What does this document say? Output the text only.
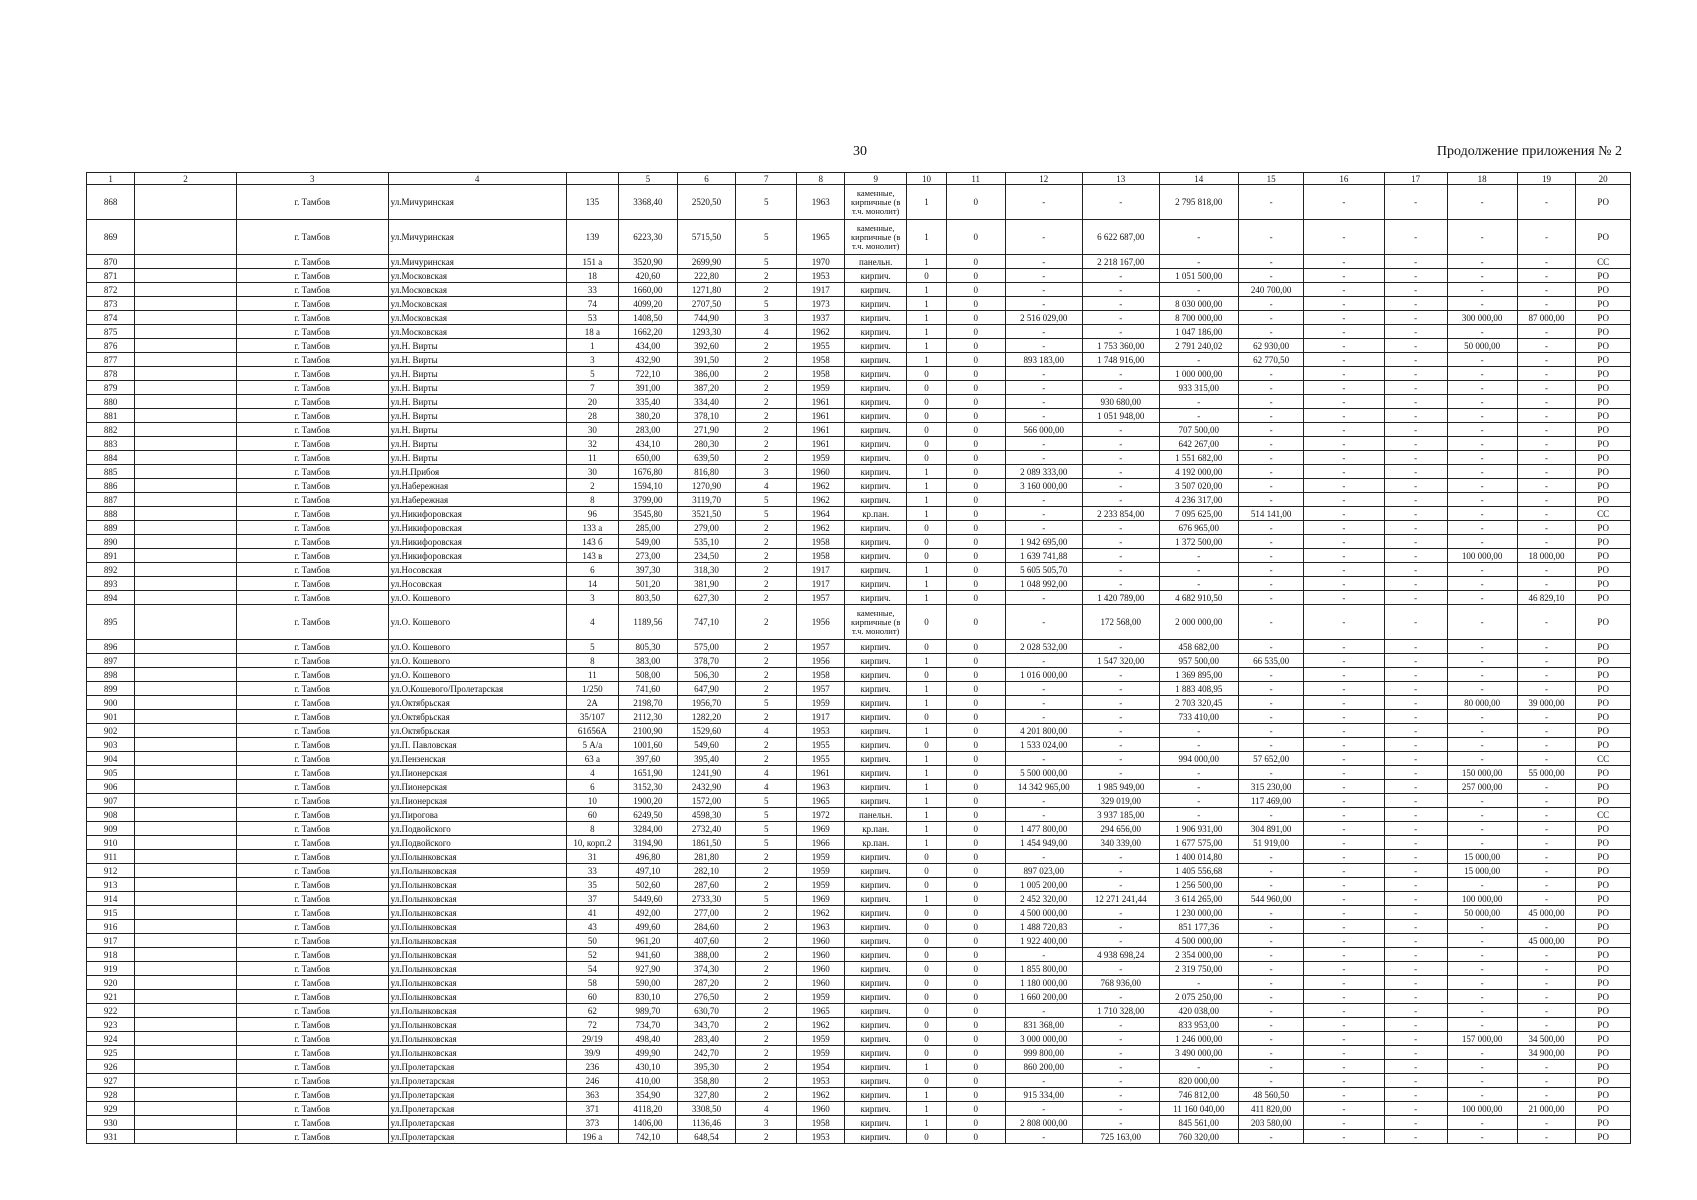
30	Продолжение приложения № 2
1	2	3	4		5	6	7	8	9	10	11	12	13	14	15	16	17	18	19	20
868		г. Тамбов	ул.Мичуринская	135	3368,40	2520,50	5	1963	каменные, кирпичные (в т.ч. монолит)	1	0	-	-	2 795 818,00	-	-	-	-	-	РО
869		г. Тамбов	ул.Мичуринская	139	6223,30	5715,50	5	1965	каменные, кирпичные (в т.ч. монолит)	1	0	-	6 622 687,00	-	-	-	-	-	-	РО
870		г. Тамбов	ул.Мичуринская	151 а	3520,90	2699,90	5	1970	панельн.	1	0	-	2 218 167,00	-	-	-	-	-	-	СС
871		г. Тамбов	ул.Московская	18	420,60	222,80	2	1953	кирпич.	0	0	-	-	1 051 500,00	-	-	-	-	-	РО
872		г. Тамбов	ул.Московская	33	1660,00	1271,80	2	1917	кирпич.	1	0	-	-	-	240 700,00	-	-	-	-	РО
873		г. Тамбов	ул.Московская	74	4099,20	2707,50	5	1973	кирпич.	1	0	-	-	8 030 000,00	-	-	-	-	-	РО
874		г. Тамбов	ул.Московская	53	1408,50	744,90	3	1937	кирпич.	1	0	2 516 029,00	-	8 700 000,00	-	-	-	300 000,00	87 000,00	РО
875		г. Тамбов	ул.Московская	18 а	1662,20	1293,30	4	1962	кирпич.	1	0	-	-	1 047 186,00	-	-	-	-	-	РО
876		г. Тамбов	ул.Н. Вирты	1	434,00	392,60	2	1955	кирпич.	1	0	-	1 753 360,00	2 791 240,02	62 930,00	-	-	50 000,00	-	РО
877		г. Тамбов	ул.Н. Вирты	3	432,90	391,50	2	1958	кирпич.	1	0	893 183,00	1 748 916,00	-	62 770,50	-	-	-	-	РО
878		г. Тамбов	ул.Н. Вирты	5	722,10	386,00	2	1958	кирпич.	0	0	-	-	1 000 000,00	-	-	-	-	-	РО
879		г. Тамбов	ул.Н. Вирты	7	391,00	387,20	2	1959	кирпич.	0	0	-	-	933 315,00	-	-	-	-	-	РО
880		г. Тамбов	ул.Н. Вирты	20	335,40	334,40	2	1961	кирпич.	0	0	-	930 680,00	-	-	-	-	-	-	РО
881		г. Тамбов	ул.Н. Вирты	28	380,20	378,10	2	1961	кирпич.	0	0	-	1 051 948,00	-	-	-	-	-	-	РО
882		г. Тамбов	ул.Н. Вирты	30	283,00	271,90	2	1961	кирпич.	0	0	566 000,00	-	707 500,00	-	-	-	-	-	РО
883		г. Тамбов	ул.Н. Вирты	32	434,10	280,30	2	1961	кирпич.	0	0	-	-	642 267,00	-	-	-	-	-	РО
884		г. Тамбов	ул.Н. Вирты	11	650,00	639,50	2	1959	кирпич.	0	0	-	-	1 551 682,00	-	-	-	-	-	РО
885		г. Тамбов	ул.Н.Прибоя	30	1676,80	816,80	3	1960	кирпич.	1	0	2 089 333,00	-	4 192 000,00	-	-	-	-	-	РО
886		г. Тамбов	ул.Набережная	2	1594,10	1270,90	4	1962	кирпич.	1	0	3 160 000,00	-	3 507 020,00	-	-	-	-	-	РО
887		г. Тамбов	ул.Набережная	8	3799,00	3119,70	5	1962	кирпич.	1	0	-	-	4 236 317,00	-	-	-	-	-	РО
888		г. Тамбов	ул.Никифоровская	96	3545,80	3521,50	5	1964	кр.пан.	1	0	-	2 233 854,00	7 095 625,00	514 141,00	-	-	-	-	СС
889		г. Тамбов	ул.Никифоровская	133 а	285,00	279,00	2	1962	кирпич.	0	0	-	-	676 965,00	-	-	-	-	-	РО
890		г. Тамбов	ул.Никифоровская	143 б	549,00	535,10	2	1958	кирпич.	0	0	1 942 695,00	-	1 372 500,00	-	-	-	-	-	РО
891		г. Тамбов	ул.Никифоровская	143 в	273,00	234,50	2	1958	кирпич.	0	0	1 639 741,88	-	-	-	-	-	100 000,00	18 000,00	РО
892		г. Тамбов	ул.Носовская	6	397,30	318,30	2	1917	кирпич.	1	0	5 605 505,70	-	-	-	-	-	-	-	РО
893		г. Тамбов	ул.Носовская	14	501,20	381,90	2	1917	кирпич.	1	0	1 048 992,00	-	-	-	-	-	-	-	РО
894		г. Тамбов	ул.О. Кошевого	3	803,50	627,30	2	1957	кирпич.	1	0	-	1 420 789,00	4 682 910,50	-	-	-	-	46 829,10	РО
895		г. Тамбов	ул.О. Кошевого	4	1189,56	747,10	2	1956	каменные, кирпичные (в т.ч. монолит)	0	0	-	172 568,00	2 000 000,00	-	-	-	-	-	РО
896		г. Тамбов	ул.О. Кошевого	5	805,30	575,00	2	1957	кирпич.	0	0	2 028 532,00	-	458 682,00	-	-	-	-	-	РО
897		г. Тамбов	ул.О. Кошевого	8	383,00	378,70	2	1956	кирпич.	1	0	-	1 547 320,00	957 500,00	66 535,00	-	-	-	-	РО
898		г. Тамбов	ул.О. Кошевого	11	508,00	506,30	2	1958	кирпич.	0	0	1 016 000,00	-	1 369 895,00	-	-	-	-	-	РО
899		г. Тамбов	ул.О.Кошевого/Пролетарская	1/250	741,60	647,90	2	1957	кирпич.	1	0	-	-	1 883 408,95	-	-	-	-	-	РО
900		г. Тамбов	ул.Октябрьская	2А	2198,70	1956,70	5	1959	кирпич.	1	0	-	-	2 703 320,45	-	-	-	80 000,00	39 000,00	РО
901		г. Тамбов	ул.Октябрьская	35/107	2112,30	1282,20	2	1917	кирпич.	0	0	-	-	733 410,00	-	-	-	-	-	РО
902		г. Тамбов	ул.Октябрьская	61б56А	2100,90	1529,60	4	1953	кирпич.	1	0	4 201 800,00	-	-	-	-	-	-	-	РО
903		г. Тамбов	ул.П. Павловская	5 А/а	1001,60	549,60	2	1955	кирпич.	0	0	1 533 024,00	-	-	-	-	-	-	-	РО
904		г. Тамбов	ул.Пензенская	63 а	397,60	395,40	2	1955	кирпич.	1	0	-	-	994 000,00	57 652,00	-	-	-	-	СС
905		г. Тамбов	ул.Пионерская	4	1651,90	1241,90	4	1961	кирпич.	1	0	5 500 000,00	-	-	-	-	-	150 000,00	55 000,00	РО
906		г. Тамбов	ул.Пионерская	6	3152,30	2432,90	4	1963	кирпич.	1	0	14 342 965,00	1 985 949,00	-	315 230,00	-	-	257 000,00	-	РО
907		г. Тамбов	ул.Пионерская	10	1900,20	1572,00	5	1965	кирпич.	1	0	-	329 019,00	-	117 469,00	-	-	-	-	РО
908		г. Тамбов	ул.Пирогова	60	6249,50	4598,30	5	1972	панельн.	1	0	-	3 937 185,00	-	-	-	-	-	-	СС
909		г. Тамбов	ул.Подвойского	8	3284,00	2732,40	5	1969	кр.пан.	1	0	1 477 800,00	294 656,00	1 906 931,00	304 891,00	-	-	-	-	РО
910		г. Тамбов	ул.Подвойского	10, корп.2	3194,90	1861,50	5	1966	кр.пан.	1	0	1 454 949,00	340 339,00	1 677 575,00	51 919,00	-	-	-	-	РО
911		г. Тамбов	ул.Полынковская	31	496,80	281,80	2	1959	кирпич.	0	0	-	-	1 400 014,80	-	-	-	15 000,00	-	РО
912		г. Тамбов	ул.Полынковская	33	497,10	282,10	2	1959	кирпич.	0	0	897 023,00	-	1 405 556,68	-	-	-	15 000,00	-	РО
913		г. Тамбов	ул.Полынковская	35	502,60	287,60	2	1959	кирпич.	0	0	1 005 200,00	-	1 256 500,00	-	-	-	-	-	РО
914		г. Тамбов	ул.Полынковская	37	5449,60	2733,30	5	1969	кирпич.	1	0	2 452 320,00	12 271 241,44	3 614 265,00	544 960,00	-	-	100 000,00	-	РО
915		г. Тамбов	ул.Полынковская	41	492,00	277,00	2	1962	кирпич.	0	0	4 500 000,00	-	1 230 000,00	-	-	-	50 000,00	45 000,00	РО
916		г. Тамбов	ул.Полынковская	43	499,60	284,60	2	1963	кирпич.	0	0	1 488 720,83	-	851 177,36	-	-	-	-	-	РО
917		г. Тамбов	ул.Полынковская	50	961,20	407,60	2	1960	кирпич.	0	0	1 922 400,00	-	4 500 000,00	-	-	-	-	45 000,00	РО
918		г. Тамбов	ул.Полынковская	52	941,60	388,00	2	1960	кирпич.	0	0	-	4 938 698,24	2 354 000,00	-	-	-	-	-	РО
919		г. Тамбов	ул.Полынковская	54	927,90	374,30	2	1960	кирпич.	0	0	1 855 800,00	-	2 319 750,00	-	-	-	-	-	РО
920		г. Тамбов	ул.Полынковская	58	590,00	287,20	2	1960	кирпич.	0	0	1 180 000,00	768 936,00	-	-	-	-	-	-	РО
921		г. Тамбов	ул.Полынковская	60	830,10	276,50	2	1959	кирпич.	0	0	1 660 200,00	-	2 075 250,00	-	-	-	-	-	РО
922		г. Тамбов	ул.Полынковская	62	989,70	630,70	2	1965	кирпич.	0	0	-	1 710 328,00	420 038,00	-	-	-	-	-	РО
923		г. Тамбов	ул.Полынковская	72	734,70	343,70	2	1962	кирпич.	0	0	831 368,00	-	833 953,00	-	-	-	-	-	РО
924		г. Тамбов	ул.Полынковская	29/19	498,40	283,40	2	1959	кирпич.	0	0	3 000 000,00	-	1 246 000,00	-	-	-	157 000,00	34 500,00	РО
925		г. Тамбов	ул.Полынковская	39/9	499,90	242,70	2	1959	кирпич.	0	0	999 800,00	-	3 490 000,00	-	-	-	-	34 900,00	РО
926		г. Тамбов	ул.Пролетарская	236	430,10	395,30	2	1954	кирпич.	1	0	860 200,00	-	-	-	-	-	-	-	РО
927		г. Тамбов	ул.Пролетарская	246	410,00	358,80	2	1953	кирпич.	0	0	-	-	820 000,00	-	-	-	-	-	РО
928		г. Тамбов	ул.Пролетарская	363	354,90	327,80	2	1962	кирпич.	1	0	915 334,00	-	746 812,00	48 560,50	-	-	-	-	РО
929		г. Тамбов	ул.Пролетарская	371	4118,20	3308,50	4	1960	кирпич.	1	0	-	-	11 160 040,00	411 820,00	-	-	100 000,00	21 000,00	РО
930		г. Тамбов	ул.Пролетарская	373	1406,00	1136,46	3	1958	кирпич.	1	0	2 808 000,00	-	845 561,00	203 580,00	-	-	-	-	РО
931		г. Тамбов	ул.Пролетарская	196 а	742,10	648,54	2	1953	кирпич.	0	0	-	725 163,00	760 320,00	-	-	-	-	-	РО
